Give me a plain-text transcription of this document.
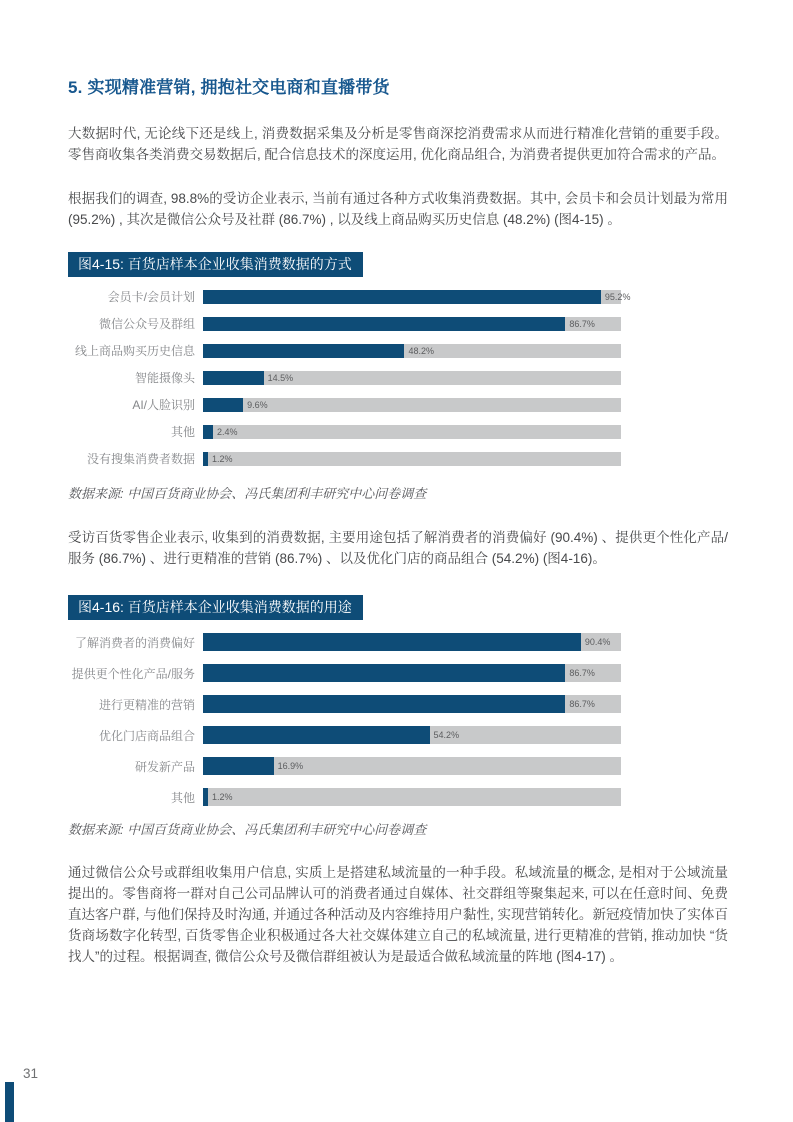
5. 实现精准营销, 拥抱社交电商和直播带货

大数据时代, 无论线下还是线上, 消费数据采集及分析是零售商深挖消费需求从而进行精准化营销的重要手段。零售商收集各类消费交易数据后, 配合信息技术的深度运用, 优化商品组合, 为消费者提供更加符合需求的产品。

根据我们的调查, 98.8%的受访企业表示, 当前有通过各种方式收集消费数据。其中, 会员卡和会员计划最为常用 (95.2%) , 其次是微信公众号及社群 (86.7%) , 以及线上商品购买历史信息 (48.2%) (图4-15) 。

图4-15: 百货店样本企业收集消费数据的方式
会员卡/会员计划	95.2%
微信公众号及群组	86.7%
线上商品购买历史信息	48.2%
智能摄像头	14.5%
AI/人脸识别	9.6%
其他	2.4%
没有搜集消费者数据	1.2%
数据来源: 中国百货商业协会、冯氏集团利丰研究中心问卷调查

受访百货零售企业表示, 收集到的消费数据, 主要用途包括了解消费者的消费偏好 (90.4%) 、提供更个性化产品/服务 (86.7%) 、进行更精准的营销 (86.7%) 、以及优化门店的商品组合 (54.2%) (图4-16)。

图4-16: 百货店样本企业收集消费数据的用途
了解消费者的消费偏好	90.4%
提供更个性化产品/服务	86.7%
进行更精准的营销	86.7%
优化门店商品组合	54.2%
研发新产品	16.9%
其他	1.2%
数据来源: 中国百货商业协会、冯氏集团利丰研究中心问卷调查

通过微信公众号或群组收集用户信息, 实质上是搭建私域流量的一种手段。私域流量的概念, 是相对于公域流量提出的。零售商将一群对自己公司品牌认可的消费者通过自媒体、社交群组等聚集起来, 可以在任意时间、免费直达客户群, 与他们保持及时沟通, 并通过各种活动及内容维持用户黏性, 实现营销转化。新冠疫情加快了实体百货商场数字化转型, 百货零售企业积极通过各大社交媒体建立自己的私域流量, 进行更精准的营销, 推动加快 “货找人”的过程。根据调查, 微信公众号及微信群组被认为是最适合做私域流量的阵地 (图4-17) 。

31
